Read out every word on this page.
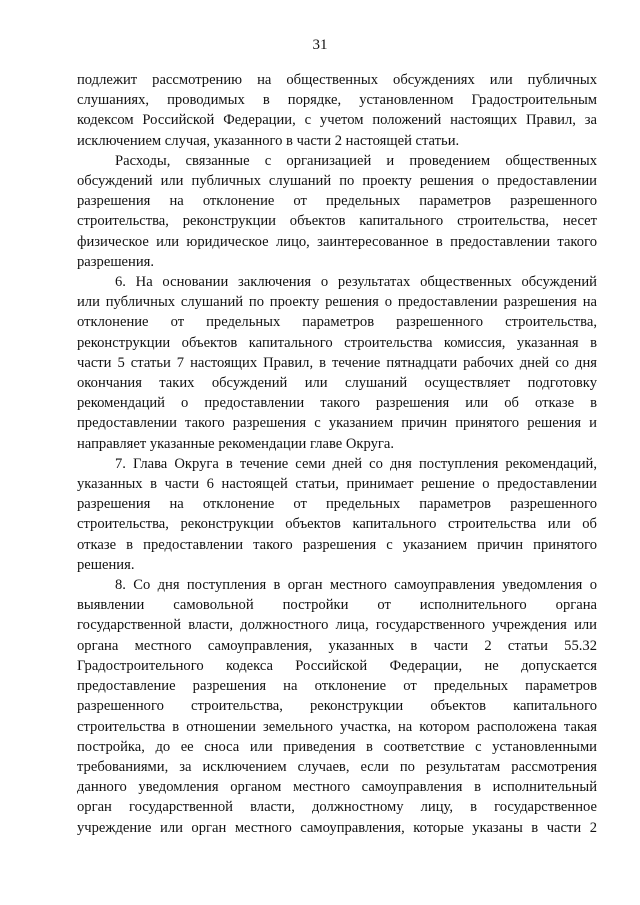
31

подлежит рассмотрению на общественных обсуждениях или публичных

слушаниях, проводимых в порядке, установленном Градостроительным

кодексом Российской Федерации, с учетом положений настоящих Правил, за

исключением случая, указанного в части 2 настоящей статьи.

Расходы, связанные с организацией и проведением общественных

обсуждений или публичных слушаний по проекту решения о предоставлении

разрешения на отклонение от предельных параметров разрешенного

строительства, реконструкции объектов капитального строительства, несет

физическое или юридическое лицо, заинтересованное в предоставлении такого

разрешения.

6. На основании заключения о результатах общественных обсуждений

или публичных слушаний по проекту решения о предоставлении разрешения на

отклонение от предельных параметров разрешенного строительства,

реконструкции объектов капитального строительства комиссия, указанная в

части 5 статьи 7 настоящих Правил, в течение пятнадцати рабочих дней со дня

окончания таких обсуждений или слушаний осуществляет подготовку

рекомендаций о предоставлении такого разрешения или об отказе в

предоставлении такого разрешения с указанием причин принятого решения и

направляет указанные рекомендации главе Округа.

7. Глава Округа в течение семи дней со дня поступления рекомендаций,

указанных в части 6 настоящей статьи, принимает решение о предоставлении

разрешения на отклонение от предельных параметров разрешенного

строительства, реконструкции объектов капитального строительства или об

отказе в предоставлении такого разрешения с указанием причин принятого

решения.

8. Со дня поступления в орган местного самоуправления уведомления о

выявлении самовольной постройки от исполнительного органа

государственной власти, должностного лица, государственного учреждения или

органа местного самоуправления, указанных в части 2 статьи 55.32

Градостроительного кодекса Российской Федерации, не допускается

предоставление разрешения на отклонение от предельных параметров

разрешенного строительства, реконструкции объектов капитального

строительства в отношении земельного участка, на котором расположена такая

постройка, до ее сноса или приведения в соответствие с установленными

требованиями, за исключением случаев, если по результатам рассмотрения

данного уведомления органом местного самоуправления в исполнительный

орган государственной власти, должностному лицу, в государственное

учреждение или орган местного самоуправления, которые указаны в части 2
